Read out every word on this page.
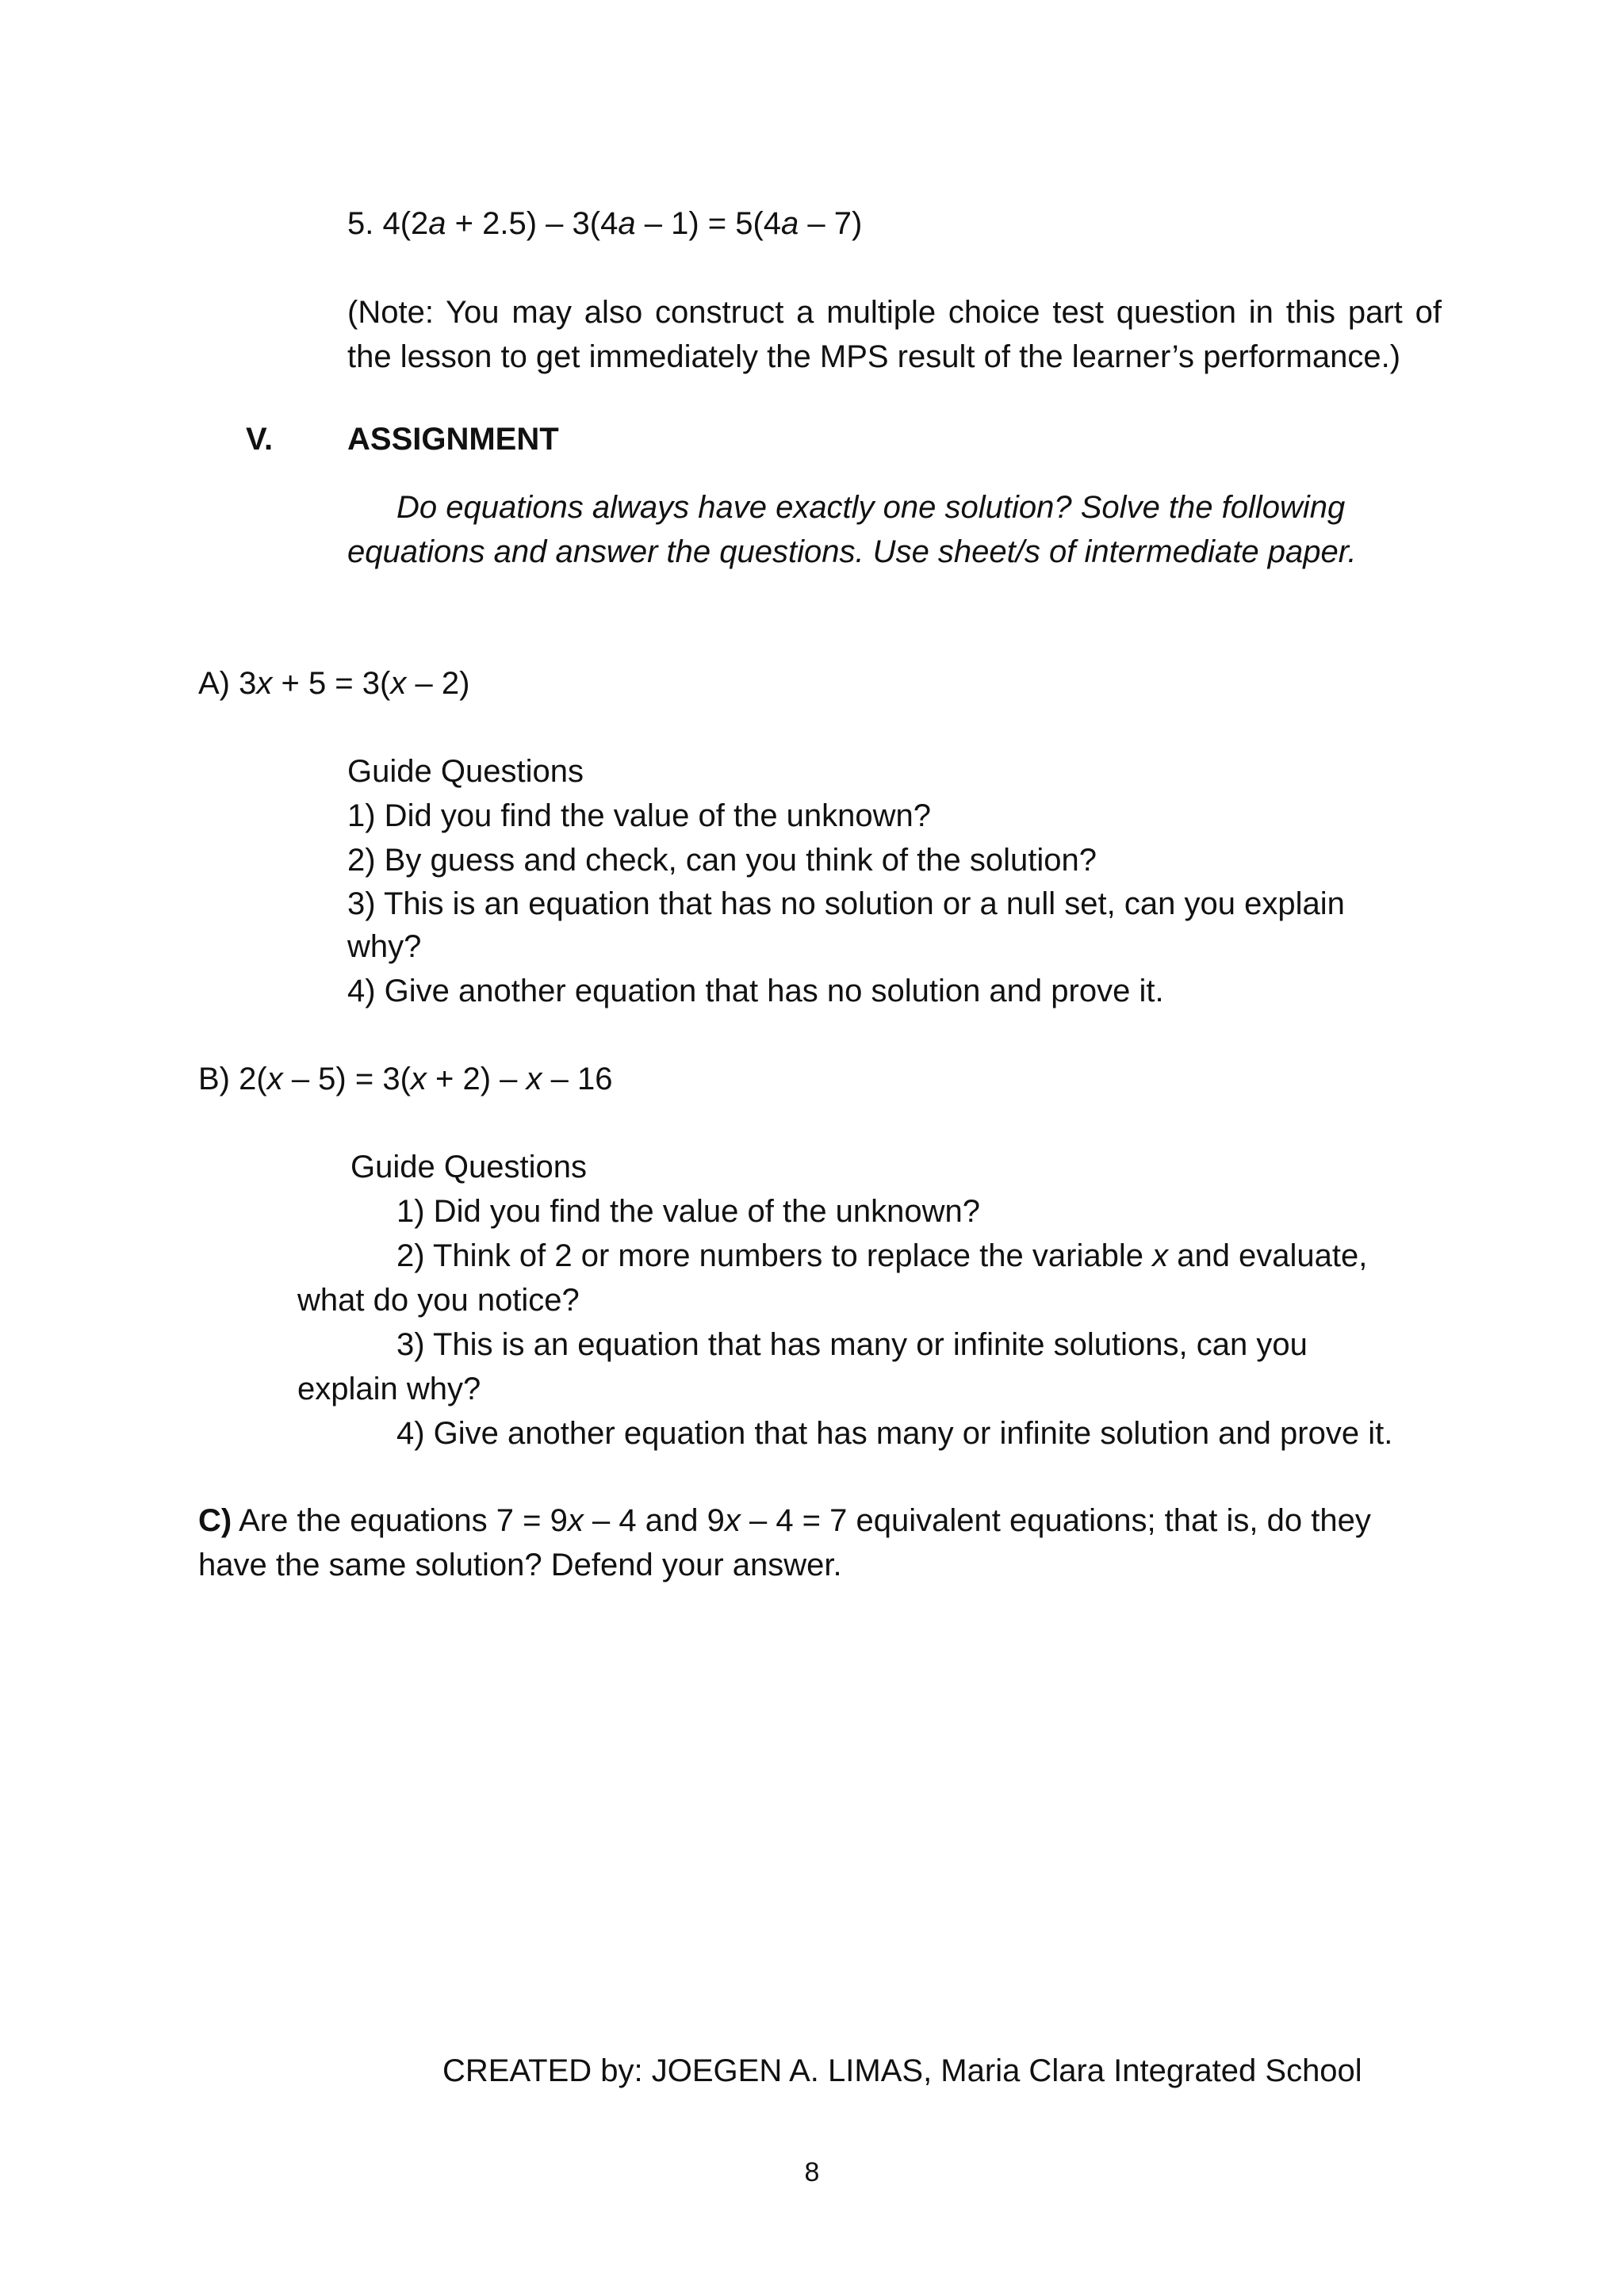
5. 4(2a + 2.5) – 3(4a – 1) = 5(4a – 7)
(Note: You may also construct a multiple choice test question in this part of the lesson to get immediately the MPS result of the learner’s performance.)
V. ASSIGNMENT
Do equations always have exactly one solution? Solve the following
equations and answer the questions. Use sheet/s of intermediate paper.
A) 3x + 5 = 3(x – 2)
Guide Questions
1) Did you find the value of the unknown?
2) By guess and check, can you think of the solution?
3) This is an equation that has no solution or a null set, can you explain
why?
4) Give another equation that has no solution and prove it.
B) 2(x – 5) = 3(x + 2) – x – 16
Guide Questions
1) Did you find the value of the unknown?
2) Think of 2 or more numbers to replace the variable x and evaluate,
what do you notice?
3) This is an equation that has many or infinite solutions, can you
explain why?
4) Give another equation that has many or infinite solution and prove it.
C) Are the equations 7 = 9x – 4 and 9x – 4 = 7 equivalent equations; that is, do they
have the same solution? Defend your answer.
CREATED by: JOEGEN A. LIMAS, Maria Clara Integrated School
8
